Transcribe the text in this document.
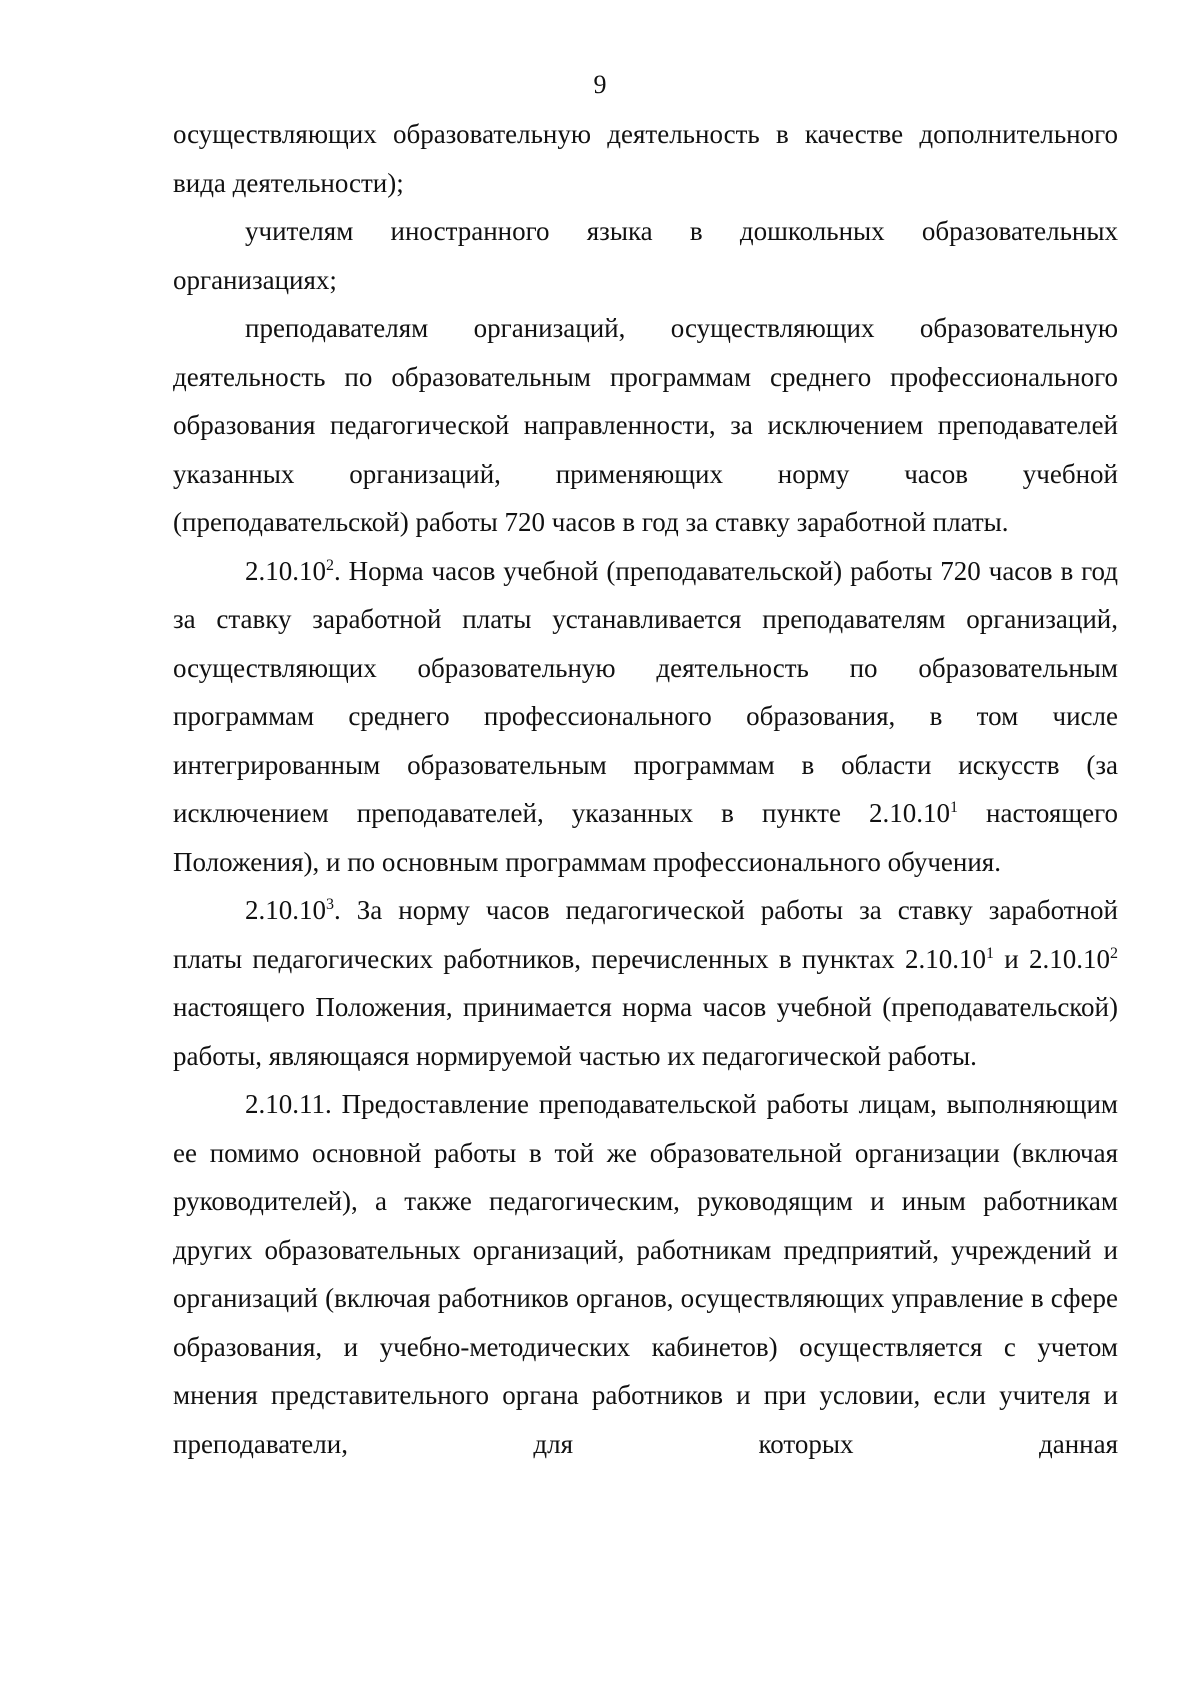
9

осуществляющих образовательную деятельность в качестве дополнительного вида деятельности);

учителям иностранного языка в дошкольных образовательных организациях;

преподавателям организаций, осуществляющих образовательную деятельность по образовательным программам среднего профессионального образования педагогической направленности, за исключением преподавателей указанных организаций, применяющих норму часов учебной (преподавательской) работы 720 часов в год за ставку заработной платы.

2.10.10$^2$. Норма часов учебной (преподавательской) работы 720 часов в год за ставку заработной платы устанавливается преподавателям организаций, осуществляющих образовательную деятельность по образовательным программам среднего профессионального образования, в том числе интегрированным образовательным программам в области искусств (за исключением преподавателей, указанных в пункте 2.10.10$^1$ настоящего Положения), и по основным программам профессионального обучения.

2.10.10$^3$. За норму часов педагогической работы за ставку заработной платы педагогических работников, перечисленных в пунктах 2.10.10$^1$ и 2.10.10$^2$ настоящего Положения, принимается норма часов учебной (преподавательской) работы, являющаяся нормируемой частью их педагогической работы.

2.10.11. Предоставление преподавательской работы лицам, выполняющим ее помимо основной работы в той же образовательной организации (включая руководителей), а также педагогическим, руководящим и иным работникам других образовательных организаций, работникам предприятий, учреждений и организаций (включая работников органов, осуществляющих управление в сфере образования, и учебно-методических кабинетов) осуществляется с учетом мнения представительного органа работников и при условии, если учителя и преподаватели, для которых данная
